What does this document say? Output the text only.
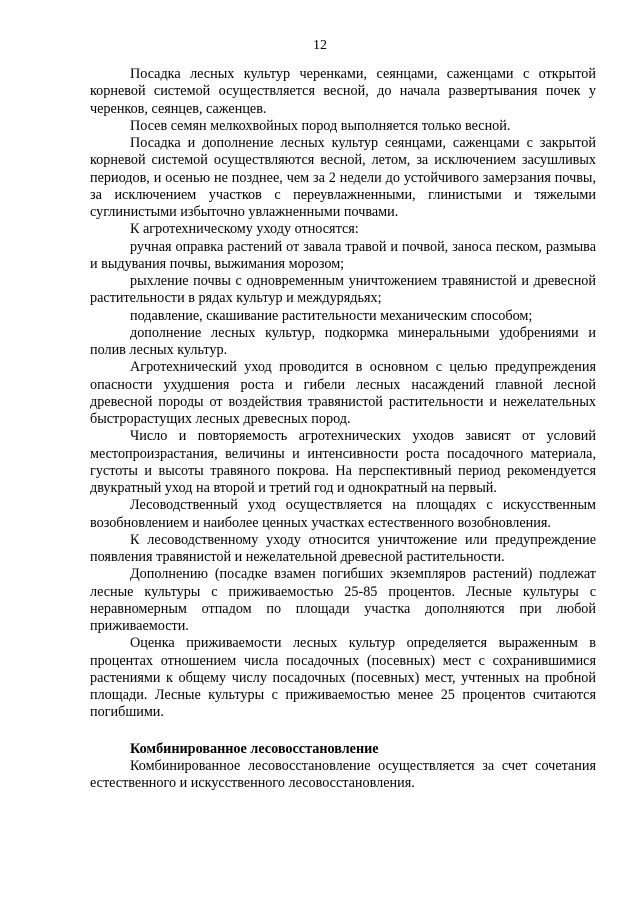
12

Посадка лесных культур черенками, сеянцами, саженцами с открытой корневой системой осуществляется весной, до начала развертывания почек у черенков, сеянцев, саженцев.

Посев семян мелкохвойных пород выполняется только весной.

Посадка и дополнение лесных культур сеянцами, саженцами с закрытой корневой системой осуществляются весной, летом, за исключением засушливых периодов, и осенью не позднее, чем за 2 недели до устойчивого замерзания почвы, за исключением участков с переувлажненными, глинистыми и тяжелыми суглинистыми избыточно увлажненными почвами.

К агротехническому уходу относятся:

ручная оправка растений от завала травой и почвой, заноса песком, размыва и выдувания почвы, выжимания морозом;

рыхление почвы с одновременным уничтожением травянистой и древесной растительности в рядах культур и междурядьях;

подавление, скашивание растительности механическим способом;

дополнение лесных культур, подкормка минеральными удобрениями и полив лесных культур.

Агротехнический уход проводится в основном с целью предупреждения опасности ухудшения роста и гибели лесных насаждений главной лесной древесной породы от воздействия травянистой растительности и нежелательных быстрорастущих лесных древесных пород.

Число и повторяемость агротехнических уходов зависят от условий местопроизрастания, величины и интенсивности роста посадочного материала, густоты и высоты травяного покрова. На перспективный период рекомендуется двукратный уход на второй и третий год и однократный на первый.

Лесоводственный уход осуществляется на площадях с искусственным возобновлением и наиболее ценных участках естественного возобновления.

К лесоводственному уходу относится уничтожение или предупреждение появления травянистой и нежелательной древесной растительности.

Дополнению (посадке взамен погибших экземпляров растений) подлежат лесные культуры с приживаемостью 25-85 процентов. Лесные культуры с неравномерным отпадом по площади участка дополняются при любой приживаемости.

Оценка приживаемости лесных культур определяется выраженным в процентах отношением числа посадочных (посевных) мест с сохранившимися растениями к общему числу посадочных (посевных) мест, учтенных на пробной площади. Лесные культуры с приживаемостью менее 25 процентов считаются погибшими.

Комбинированное лесовосстановление

Комбинированное лесовосстановление осуществляется за счет сочетания естественного и искусственного лесовосстановления.
